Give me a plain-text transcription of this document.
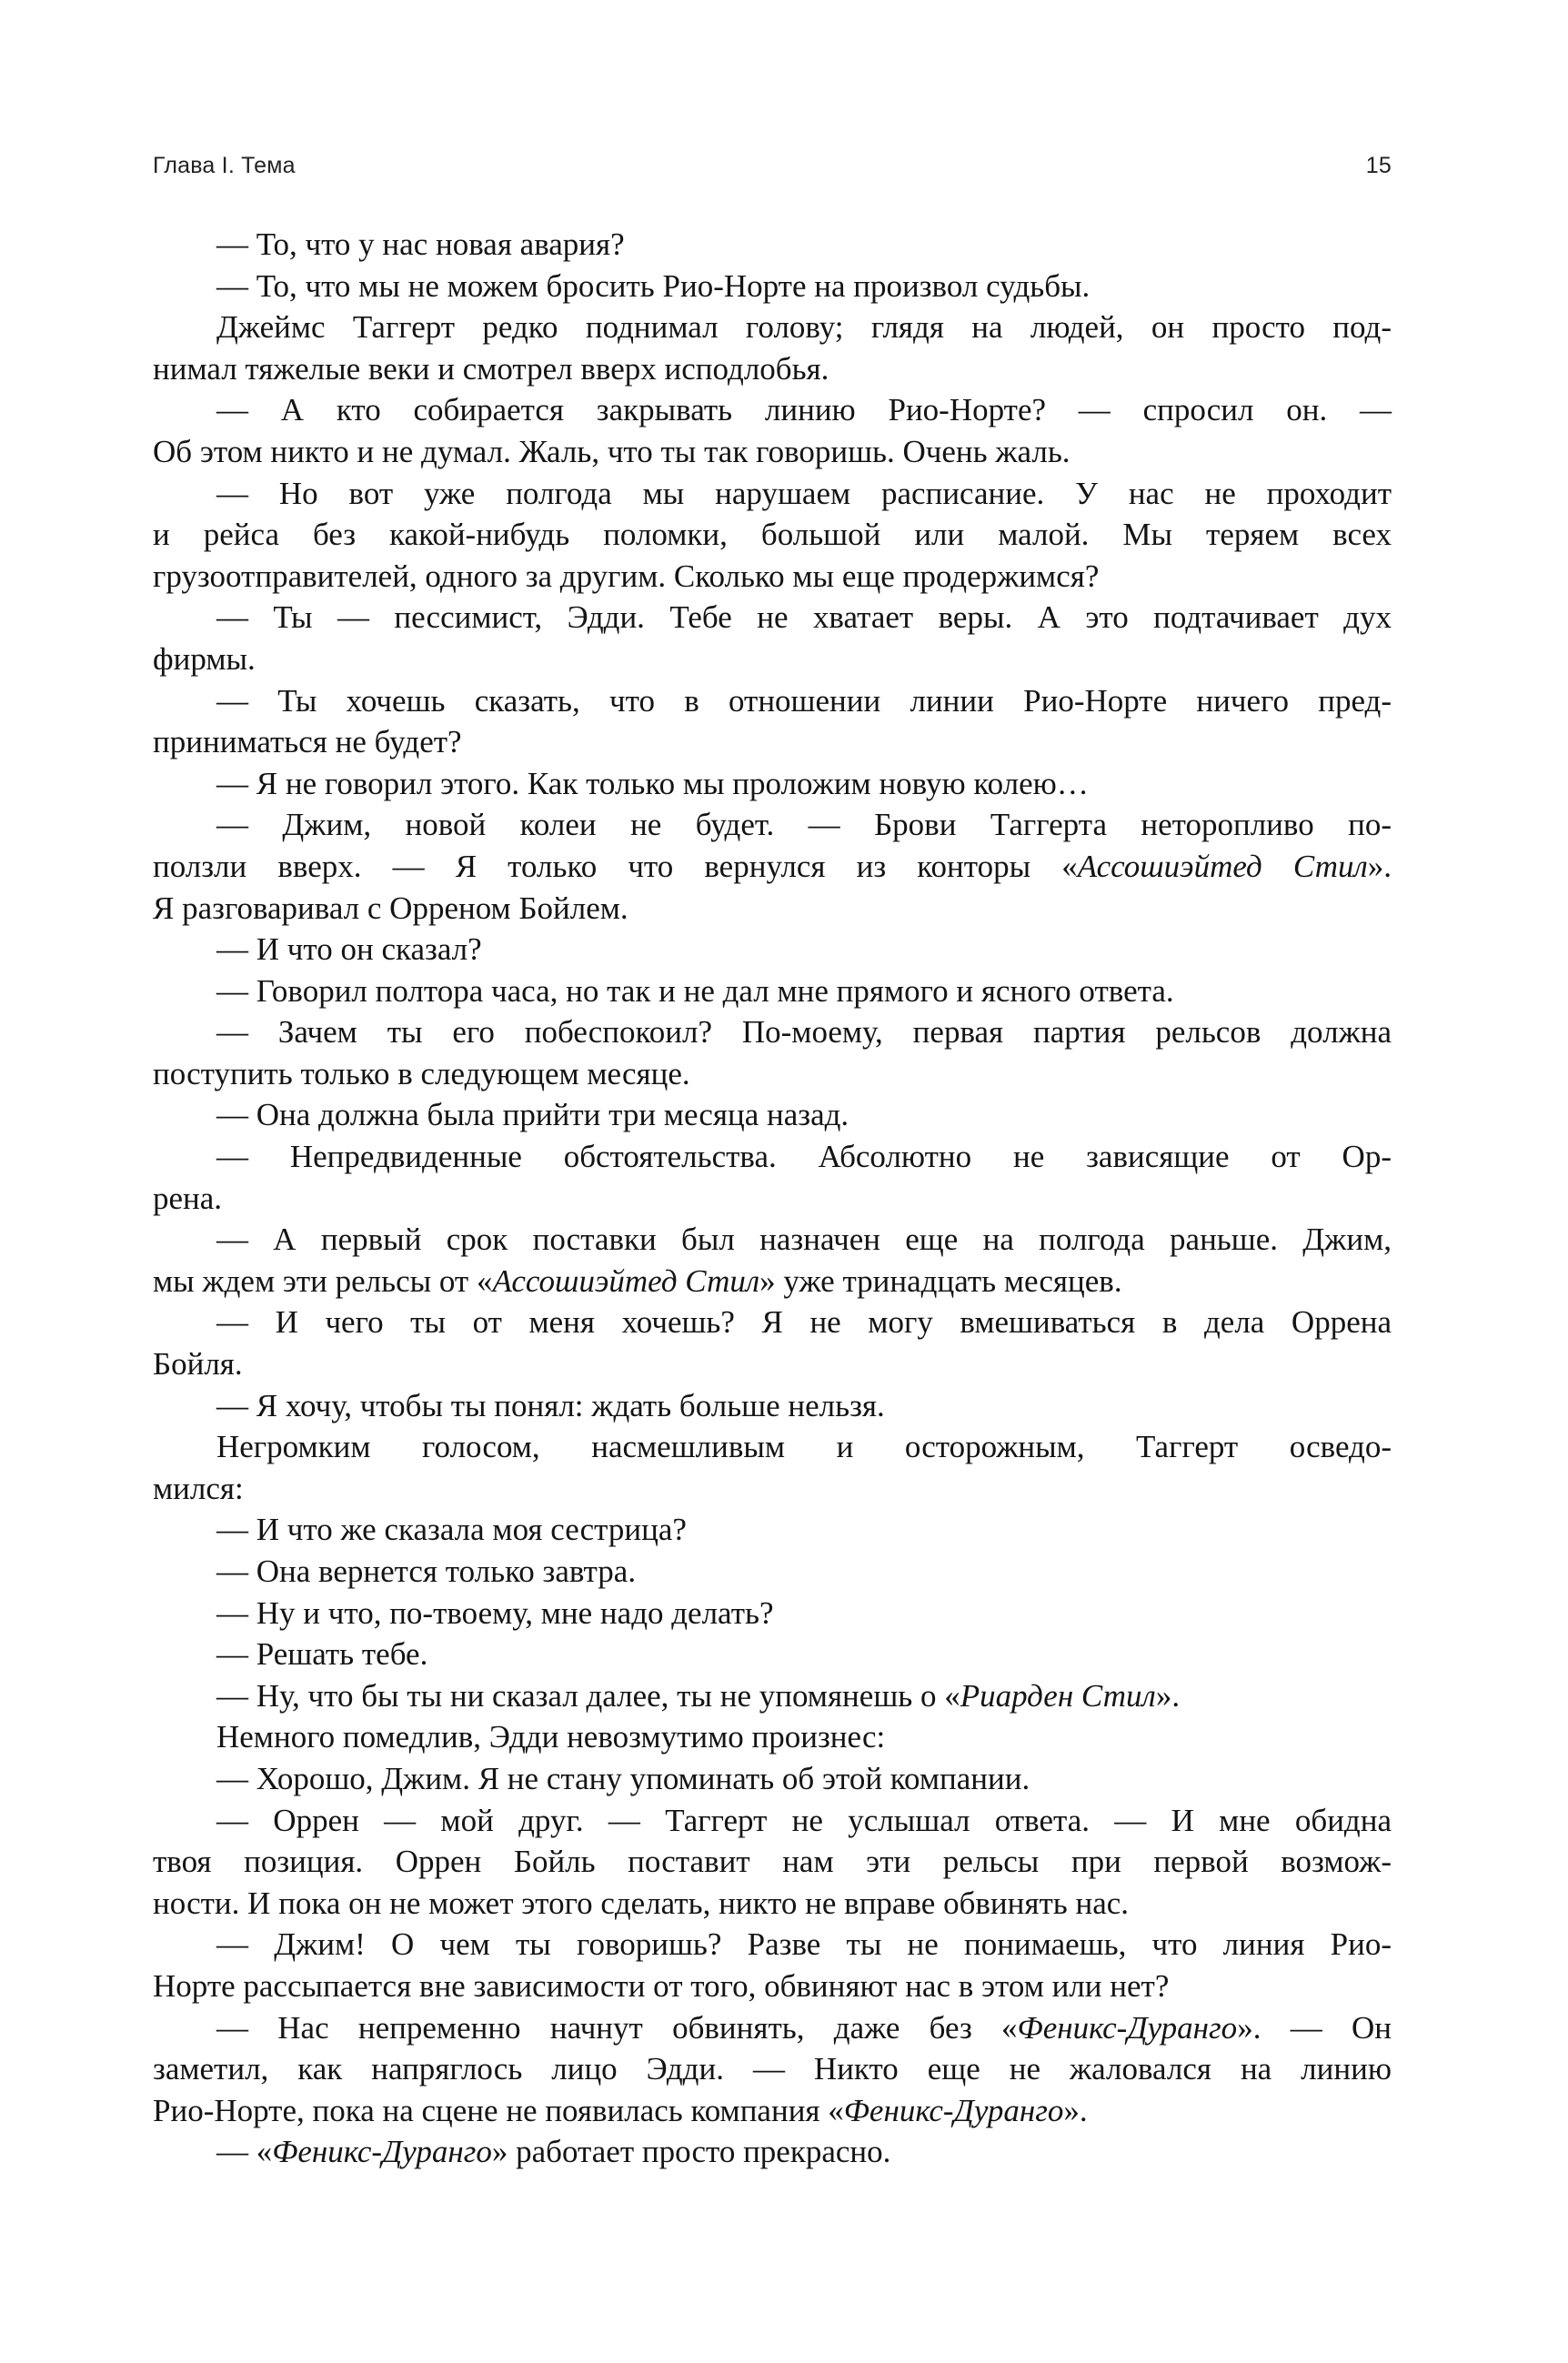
Глава I. Тема	15
— То, что у нас новая авария?
— То, что мы не можем бросить Рио-Норте на произвол судьбы.
Джеймс Таггерт редко поднимал голову; глядя на людей, он просто под-
нимал тяжелые веки и смотрел вверх исподлобья.
— А кто собирается закрывать линию Рио-Норте? — спросил он. —
Об этом никто и не думал. Жаль, что ты так говоришь. Очень жаль.
— Но вот уже полгода мы нарушаем расписание. У нас не проходит
и рейса без какой-нибудь поломки, большой или малой. Мы теряем всех
грузоотправителей, одного за другим. Сколько мы еще продержимся?
— Ты — пессимист, Эдди. Тебе не хватает веры. А это подтачивает дух
фирмы.
— Ты хочешь сказать, что в отношении линии Рио-Норте ничего пред-
приниматься не будет?
— Я не говорил этого. Как только мы проложим новую колею…
— Джим, новой колеи не будет. — Брови Таггерта неторопливо по-
ползли вверх. — Я только что вернулся из конторы «Ассошиэйтед Стил».
Я разговаривал с Орреном Бойлем.
— И что он сказал?
— Говорил полтора часа, но так и не дал мне прямого и ясного ответа.
— Зачем ты его побеспокоил? По-моему, первая партия рельсов должна
поступить только в следующем месяце.
— Она должна была прийти три месяца назад.
— Непредвиденные обстоятельства. Абсолютно не зависящие от Ор-
рена.
— А первый срок поставки был назначен еще на полгода раньше. Джим,
мы ждем эти рельсы от «Ассошиэйтед Стил» уже тринадцать месяцев.
— И чего ты от меня хочешь? Я не могу вмешиваться в дела Оррена
Бойля.
— Я хочу, чтобы ты понял: ждать больше нельзя.
Негромким голосом, насмешливым и осторожным, Таггерт осведо-
мился:
— И что же сказала моя сестрица?
— Она вернется только завтра.
— Ну и что, по-твоему, мне надо делать?
— Решать тебе.
— Ну, что бы ты ни сказал далее, ты не упомянешь о «Риарден Стил».
Немного помедлив, Эдди невозмутимо произнес:
— Хорошо, Джим. Я не стану упоминать об этой компании.
— Оррен — мой друг. — Таггерт не услышал ответа. — И мне обидна
твоя позиция. Оррен Бойль поставит нам эти рельсы при первой возмож-
ности. И пока он не может этого сделать, никто не вправе обвинять нас.
— Джим! О чем ты говоришь? Разве ты не понимаешь, что линия Рио-
Норте рассыпается вне зависимости от того, обвиняют нас в этом или нет?
— Нас непременно начнут обвинять, даже без «Феникс-Дуранго». — Он
заметил, как напряглось лицо Эдди. — Никто еще не жаловался на линию
Рио-Норте, пока на сцене не появилась компания «Феникс-Дуранго».
— «Феникс-Дуранго» работает просто прекрасно.
